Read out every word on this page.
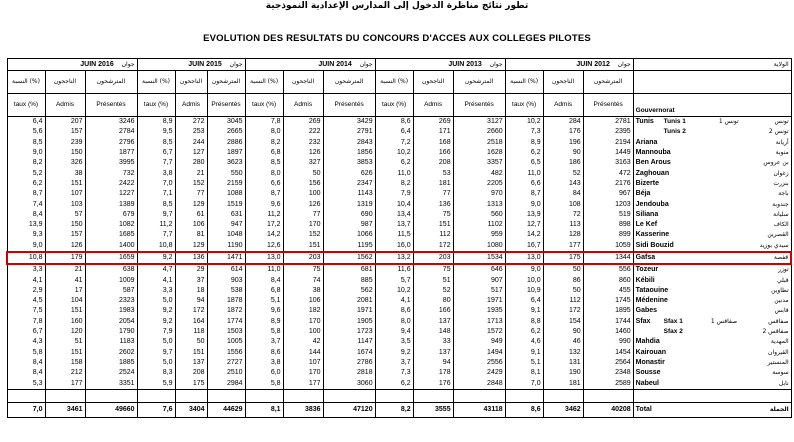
تطور نتائج مناظرة الدخول إلى المدارس الإعدادية النموذجية
EVOLUTION DES RESULTATS DU CONCOURS D'ACCES AUX COLLEGES PILOTES
JUIN 2016 جوان			JUIN 2015 جوان			JUIN 2014 جوان			JUIN 2013 جوان			JUIN 2012 جوان			الولاية
النسبة (%)	الناجحون	المترشحون	النسبة (%)	الناجحون	المترشحون	النسبة (%)	الناجحون	المترشحون	النسبة (%)	الناجحون	المترشحون	النسبة (%)	الناجحون	المترشحون	
taux (%)	Admis	Présentés	taux (%)	Admis	Présentés	taux (%)	Admis	Présentés	taux (%)	Admis	Présentés	taux (%)	Admis	Présentés	Gouvernorat
6,4	207	3246	8,9	272	3045	7,8	269	3429	8,6	269	3127	10,2	284	2781	Tunis Tunis 1 تونس 1 تونس

5,6	157	2784	9,5	253	2665	8,0	222	2791	6,4	171	2660	7,3	176	2395	Tunis 2 تونس 2

8,5	239	2796	8,5	244	2886	8,2	232	2843	7,2	168	2518	8,9	196	2194	Ariana أريانة

9,0	150	1877	6,7	127	1897	6,8	126	1856	10,2	166	1628	6,2	90	1449	Mannouba منوبة

8,2	326	3995	7,7	280	3623	8,5	327	3853	6,2	208	3357	6,5	186	3163	Ben Arous بن عروس

5,2	38	732	3,8	21	550	8,0	50	626	11,0	53	482	11,0	52	472	Zaghouan زغوان

6,2	151	2422	7,0	152	2159	6,6	156	2347	8,2	181	2205	6,6	143	2176	Bizerte بنزرت

8,7	107	1227	7,1	77	1088	8,7	100	1143	7,9	77	970	8,7	84	967	Béja باجة

7,4	103	1389	8,5	129	1519	9,6	126	1319	10,4	136	1313	9,0	108	1203	Jendouba جندوبة

8,4	57	679	9,7	61	631	11,2	77	690	13,4	75	560	13,9	72	519	Siliana سليانة

13,9	150	1082	11,2	106	947	17,2	170	987	13,7	151	1102	12,7	113	898	Le Kef الكاف

9,3	157	1685	7,7	81	1048	14,2	152	1066	11,5	112	959	14,2	128	899	Kasserine القصرين

9,0	126	1400	10,8	129	1190	12,6	151	1195	16,0	172	1080	16,7	177	1059	Sidi Bouzid سيدي بوزيد

10,8	179	1659	9,2	136	1471	13,0	203	1562	13,2	203	1534	13,0	175	1344	Gafsa قفصة

3,3	21	638	4,7	29	614	11,0	75	681	11,6	75	646	9,0	50	556	Tozeur توزر

4,1	41	1009	4,1	37	903	8,4	74	885	5,7	51	907	10,0	86	860	Kébili قبلي

2,9	17	587	3,3	18	538	6,8	38	562	10,2	52	517	10,9	50	455	Tataouine تطاوين

4,5	104	2323	5,0	94	1878	5,1	106	2081	4,1	80	1971	6,4	112	1745	Médenine مدنين

7,5	151	1983	9,2	172	1872	9,6	182	1971	8,6	166	1935	9,1	172	1895	Gabes قابس

7,8	160	2054	9,2	164	1774	8,9	170	1905	8,0	137	1713	8,8	154	1744	Sfax Sfax 1 صفاقس 1 صفاقس

6,7	120	1790	7,9	118	1503	5,8	100	1723	9,4	148	1572	6,2	90	1460	Sfax 2 صفاقس 2

4,3	51	1183	5,0	50	1005	3,7	42	1147	3,5	33	949	4,6	46	990	Mahdia المهدية

5,8	151	2602	9,7	151	1556	8,6	144	1674	9,2	137	1494	9,1	132	1454	Kairouan القيروان

8,4	158	1885	5,0	137	2727	3,8	107	2786	3,7	94	2556	5,1	131	2564	Monastir المنستير

8,4	212	2524	8,3	208	2510	6,0	170	2818	7,3	178	2429	8,1	190	2348	Sousse سوسة

5,3	177	3351	5,9	175	2984	5,8	177	3060	6,2	176	2848	7,0	181	2589	Nabeul نابل

7,0	3461	49660	7,6	3404	44629	8,1	3836	47120	8,2	3555	43118	8,6	3462	40208	Total الجملة
